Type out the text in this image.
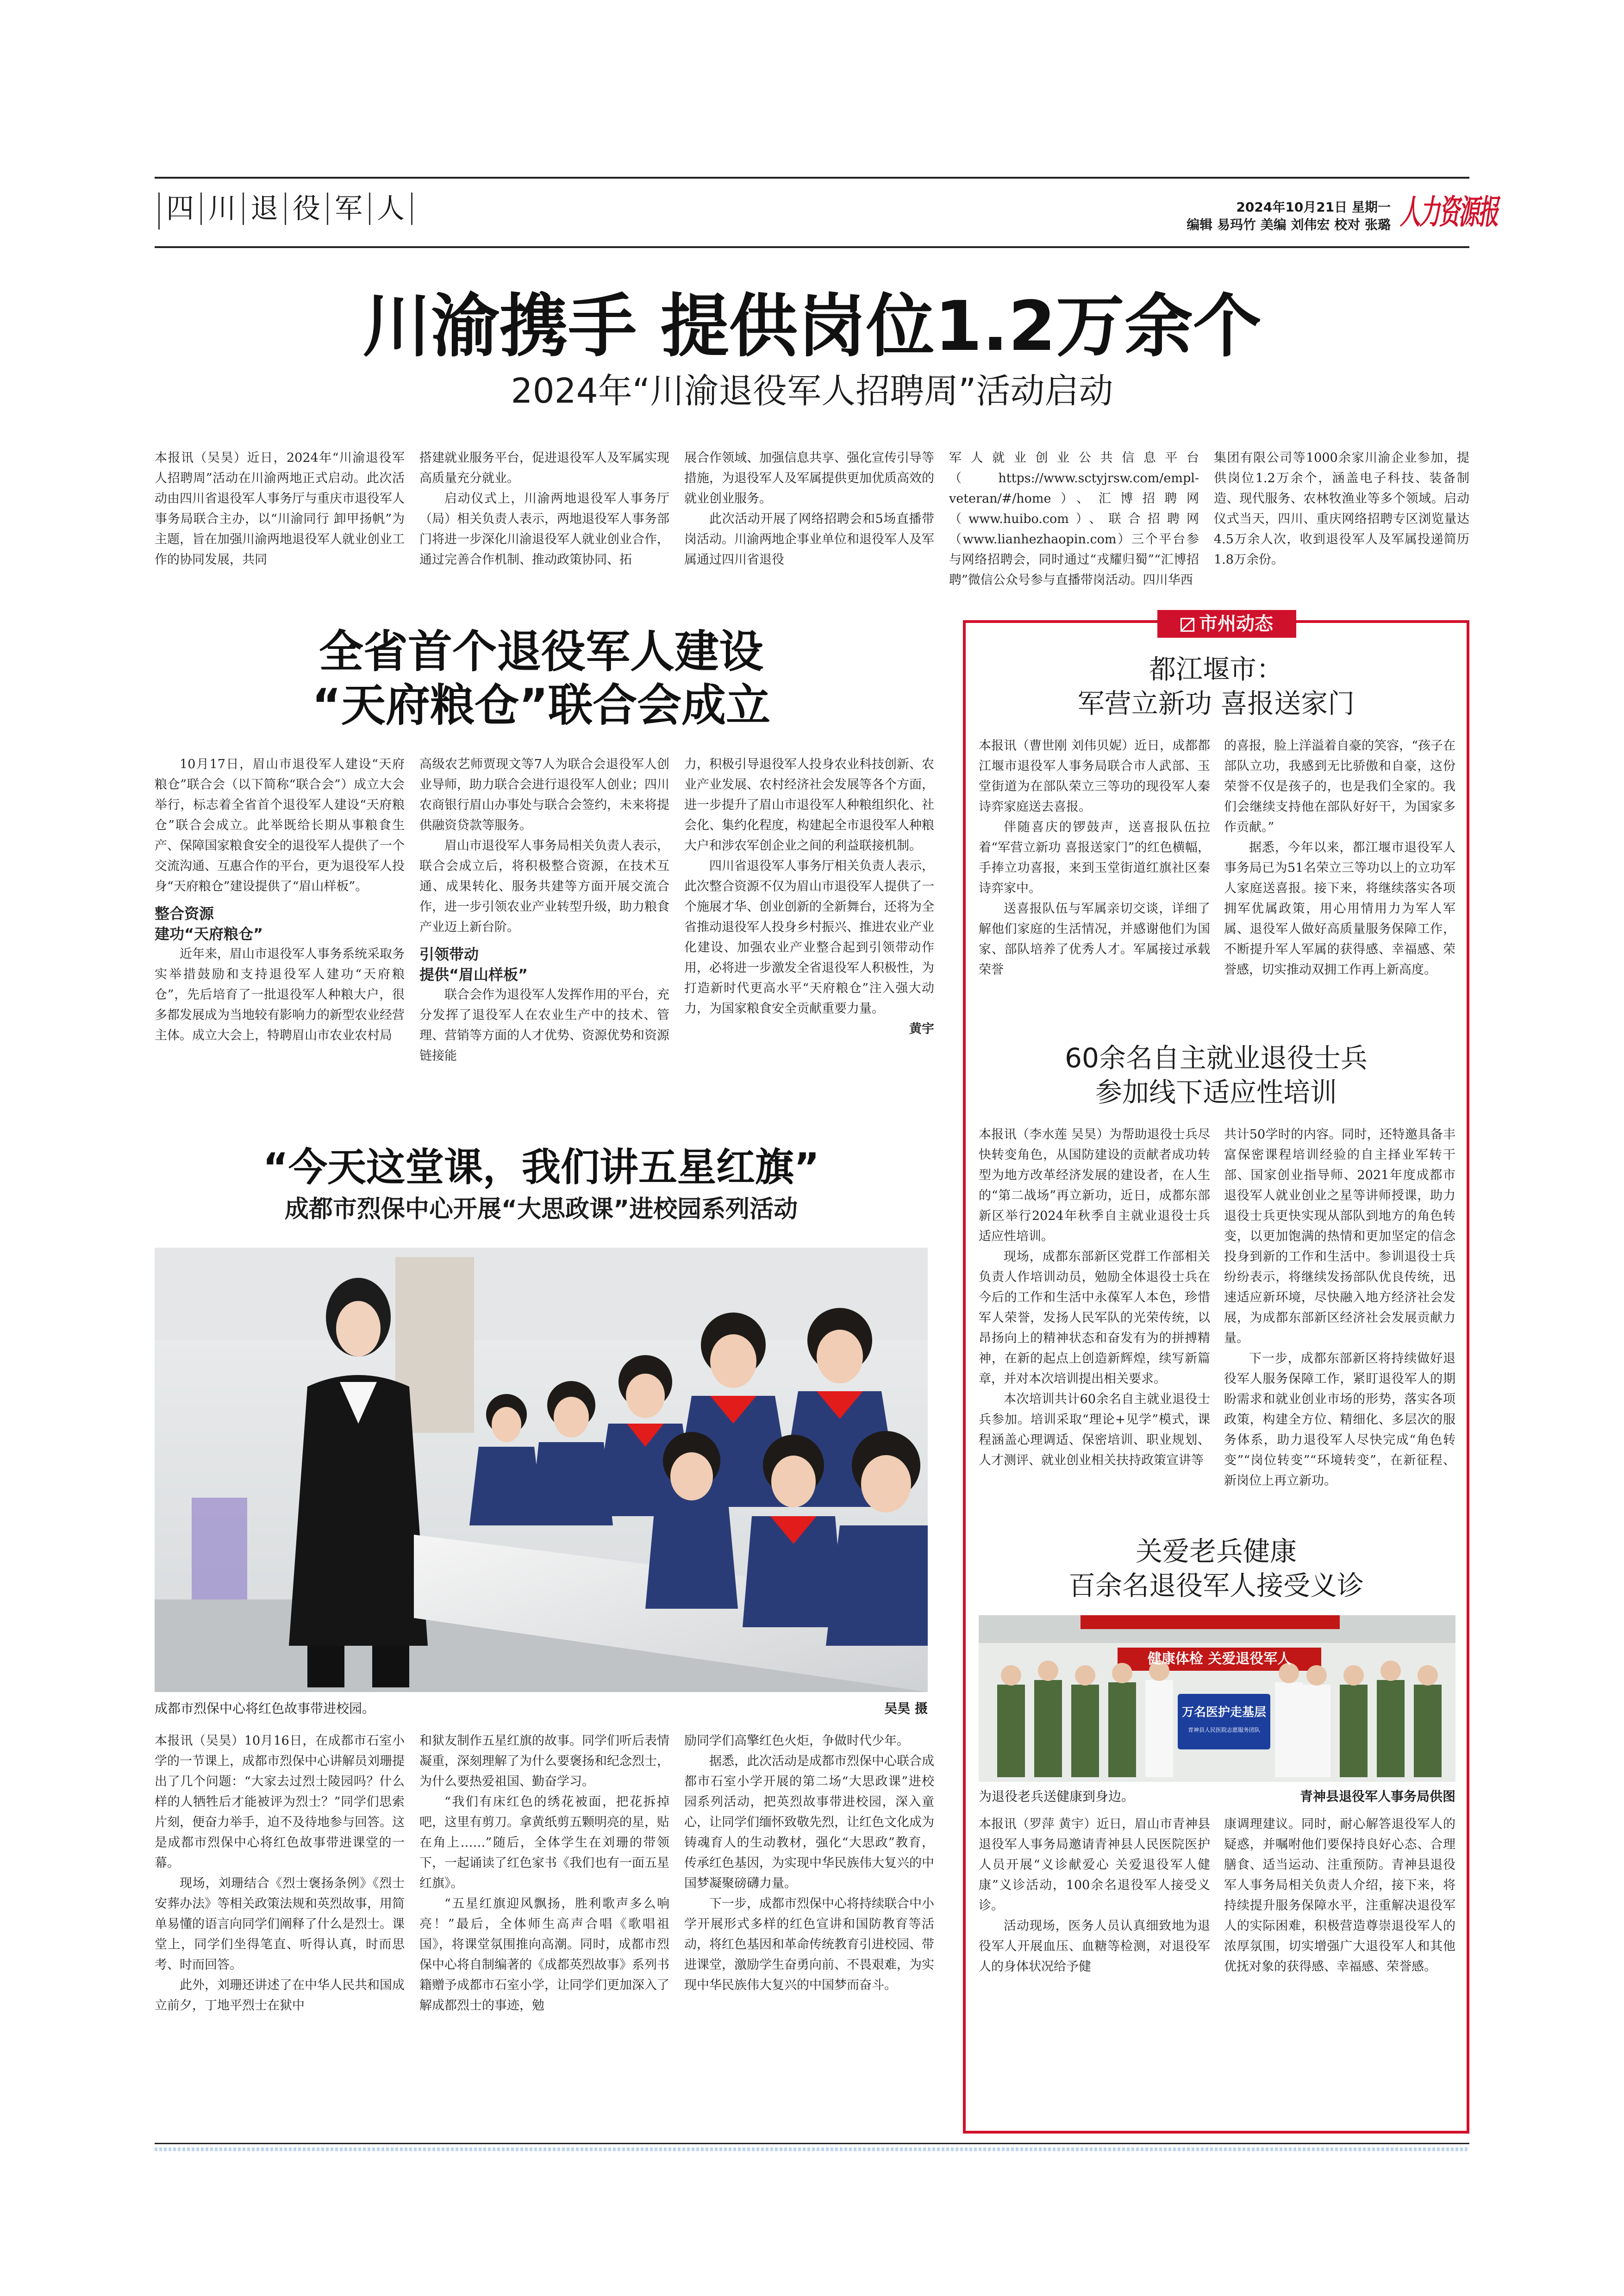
四 川 退 役 军 人	2024年10月21日 星期一
编辑 易玛竹 美编 刘伟宏 校对 张璐 人力资源报
川渝携手 提供岗位1.2万余个
2024年“川渝退役军人招聘周”活动启动

本报讯（吴昊）近日，2024年“川渝退役军人招聘周”活动在川渝两地正式启动。此次活动由四川省退役军人事务厅与重庆市退役军人事务局联合主办，以“川渝同行 卸甲扬帆”为主题，旨在加强川渝两地退役军人就业创业工作的协同发展，共同

搭建就业服务平台，促进退役军人及军属实现高质量充分就业。

启动仪式上，川渝两地退役军人事务厅（局）相关负责人表示，两地退役军人事务部门将进一步深化川渝退役军人就业创业合作，通过完善合作机制、推动政策协同、拓

展合作领域、加强信息共享、强化宣传引导等措施，为退役军人及军属提供更加优质高效的就业创业服务。

此次活动开展了网络招聘会和5场直播带岗活动。川渝两地企事业单位和退役军人及军属通过四川省退役

军人就业创业公共信息平台（https://www.sctyjrsw.com/empl-veteran/#/home）、汇博招聘网（www.huibo.com）、联合招聘网（www.lianhezhaopin.com）三个平台参与网络招聘会，同时通过“戎耀归蜀”“汇博招聘”微信公众号参与直播带岗活动。四川华西

集团有限公司等1000余家川渝企业参加，提供岗位1.2万余个，涵盖电子科技、装备制造、现代服务、农林牧渔业等多个领域。启动仪式当天，四川、重庆网络招聘专区浏览量达4.5万余人次，收到退役军人及军属投递简历1.8万余份。

全省首个退役军人建设
“天府粮仓”联合会成立

10月17日，眉山市退役军人建设“天府粮仓”联合会（以下简称“联合会”）成立大会举行，标志着全省首个退役军人建设“天府粮仓”联合会成立。此举既给长期从事粮食生产、保障国家粮食安全的退役军人提供了一个交流沟通、互惠合作的平台，更为退役军人投身“天府粮仓”建设提供了“眉山样板”。

整合资源
建功“天府粮仓”

近年来，眉山市退役军人事务系统采取务实举措鼓励和支持退役军人建功“天府粮仓”，先后培育了一批退役军人种粮大户，很多都发展成为当地较有影响力的新型农业经营主体。成立大会上，特聘眉山市农业农村局

高级农艺师贾现文等7人为联合会退役军人创业导师，助力联合会进行退役军人创业；四川农商银行眉山办事处与联合会签约，未来将提供融资贷款等服务。

眉山市退役军人事务局相关负责人表示，联合会成立后，将积极整合资源，在技术互通、成果转化、服务共建等方面开展交流合作，进一步引领农业产业转型升级，助力粮食产业迈上新台阶。

引领带动
提供“眉山样板”

联合会作为退役军人发挥作用的平台，充分发挥了退役军人在农业生产中的技术、管理、营销等方面的人才优势、资源优势和资源链接能

力，积极引导退役军人投身农业科技创新、农业产业发展、农村经济社会发展等各个方面，进一步提升了眉山市退役军人种粮组织化、社会化、集约化程度，构建起全市退役军人种粮大户和涉农军创企业之间的利益联接机制。

四川省退役军人事务厅相关负责人表示，此次整合资源不仅为眉山市退役军人提供了一个施展才华、创业创新的全新舞台，还将为全省推动退役军人投身乡村振兴、推进农业产业化建设、加强农业产业整合起到引领带动作用，必将进一步激发全省退役军人积极性，为打造新时代更高水平“天府粮仓”注入强大动力，为国家粮食安全贡献重要力量。

黄宇
“今天这堂课，我们讲五星红旗”
成都市烈保中心开展“大思政课”进校园系列活动
成都市烈保中心将红色故事带进校园。	吴昊 摄

本报讯（吴昊）10月16日，在成都市石室小学的一节课上，成都市烈保中心讲解员刘珊提出了几个问题：“大家去过烈士陵园吗？什么样的人牺牲后才能被评为烈士？”同学们思索片刻，便奋力举手，迫不及待地参与回答。这是成都市烈保中心将红色故事带进课堂的一幕。

现场，刘珊结合《烈士褒扬条例》《烈士安葬办法》等相关政策法规和英烈故事，用简单易懂的语言向同学们阐释了什么是烈士。课堂上，同学们坐得笔直、听得认真，时而思考、时而回答。

此外，刘珊还讲述了在中华人民共和国成立前夕，丁地平烈士在狱中

和狱友制作五星红旗的故事。同学们听后表情凝重，深刻理解了为什么要褒扬和纪念烈士，为什么要热爱祖国、勤奋学习。

“我们有床红色的绣花被面，把花拆掉吧，这里有剪刀。拿黄纸剪五颗明亮的星，贴在角上……”随后，全体学生在刘珊的带领下，一起诵读了红色家书《我们也有一面五星红旗》。

“五星红旗迎风飘扬，胜利歌声多么响亮！”最后，全体师生高声合唱《歌唱祖国》，将课堂氛围推向高潮。同时，成都市烈保中心将自制编著的《成都英烈故事》系列书籍赠予成都市石室小学，让同学们更加深入了解成都烈士的事迹，勉

励同学们高擎红色火炬，争做时代少年。

据悉，此次活动是成都市烈保中心联合成都市石室小学开展的第二场“大思政课”进校园系列活动，把英烈故事带进校园，深入童心，让同学们缅怀致敬先烈，让红色文化成为铸魂育人的生动教材，强化“大思政”教育，传承红色基因，为实现中华民族伟大复兴的中国梦凝聚磅礴力量。

下一步，成都市烈保中心将持续联合中小学开展形式多样的红色宣讲和国防教育等活动，将红色基因和革命传统教育引进校园、带进课堂，激励学生奋勇向前、不畏艰难，为实现中华民族伟大复兴的中国梦而奋斗。

市州动态
都江堰市：
军营立新功 喜报送家门

本报讯（曹世刚 刘伟贝妮）近日，成都都江堰市退役军人事务局联合市人武部、玉堂街道为在部队荣立三等功的现役军人秦诗弈家庭送去喜报。

伴随喜庆的锣鼓声，送喜报队伍拉着“军营立新功 喜报送家门”的红色横幅，手捧立功喜报，来到玉堂街道红旗社区秦诗弈家中。

送喜报队伍与军属亲切交谈，详细了解他们家庭的生活情况，并感谢他们为国家、部队培养了优秀人才。军属接过承载荣誉

的喜报，脸上洋溢着自豪的笑容，“孩子在部队立功，我感到无比骄傲和自豪，这份荣誉不仅是孩子的，也是我们全家的。我们会继续支持他在部队好好干，为国家多作贡献。”

据悉，今年以来，都江堰市退役军人事务局已为51名荣立三等功以上的立功军人家庭送喜报。接下来，将继续落实各项拥军优属政策，用心用情用力为军人军属、退役军人做好高质量服务保障工作，不断提升军人军属的获得感、幸福感、荣誉感，切实推动双拥工作再上新高度。

60余名自主就业退役士兵
参加线下适应性培训

本报讯（李水莲 吴昊）为帮助退役士兵尽快转变角色，从国防建设的贡献者成功转型为地方改革经济发展的建设者，在人生的“第二战场”再立新功，近日，成都东部新区举行2024年秋季自主就业退役士兵适应性培训。

现场，成都东部新区党群工作部相关负责人作培训动员，勉励全体退役士兵在今后的工作和生活中永葆军人本色，珍惜军人荣誉，发扬人民军队的光荣传统，以昂扬向上的精神状态和奋发有为的拼搏精神，在新的起点上创造新辉煌，续写新篇章，并对本次培训提出相关要求。

本次培训共计60余名自主就业退役士兵参加。培训采取“理论+见学”模式，课程涵盖心理调适、保密培训、职业规划、人才测评、就业创业相关扶持政策宣讲等

共计50学时的内容。同时，还特邀具备丰富保密课程培训经验的自主择业军转干部、国家创业指导师、2021年度成都市退役军人就业创业之星等讲师授课，助力退役士兵更快实现从部队到地方的角色转变，以更加饱满的热情和更加坚定的信念投身到新的工作和生活中。参训退役士兵纷纷表示，将继续发扬部队优良传统，迅速适应新环境，尽快融入地方经济社会发展，为成都东部新区经济社会发展贡献力量。

下一步，成都东部新区将持续做好退役军人服务保障工作，紧盯退役军人的期盼需求和就业创业市场的形势，落实各项政策，构建全方位、精细化、多层次的服务体系，助力退役军人尽快完成“角色转变”“岗位转变”“环境转变”，在新征程、新岗位上再立新功。

关爱老兵健康
百余名退役军人接受义诊
健康体检 关爱退役军人
万名医护走基层
青神县人民医院志愿服务团队
为退役老兵送健康到身边。	青神县退役军人事务局供图

本报讯（罗萍 黄宇）近日，眉山市青神县退役军人事务局邀请青神县人民医院医护人员开展“义诊献爱心 关爱退役军人健康”义诊活动，100余名退役军人接受义诊。

活动现场，医务人员认真细致地为退役军人开展血压、血糖等检测，对退役军人的身体状况给予健

康调理建议。同时，耐心解答退役军人的疑惑，并嘱咐他们要保持良好心态、合理膳食、适当运动、注重预防。青神县退役军人事务局相关负责人介绍，接下来，将持续提升服务保障水平，注重解决退役军人的实际困难，积极营造尊崇退役军人的浓厚氛围，切实增强广大退役军人和其他优抚对象的获得感、幸福感、荣誉感。
